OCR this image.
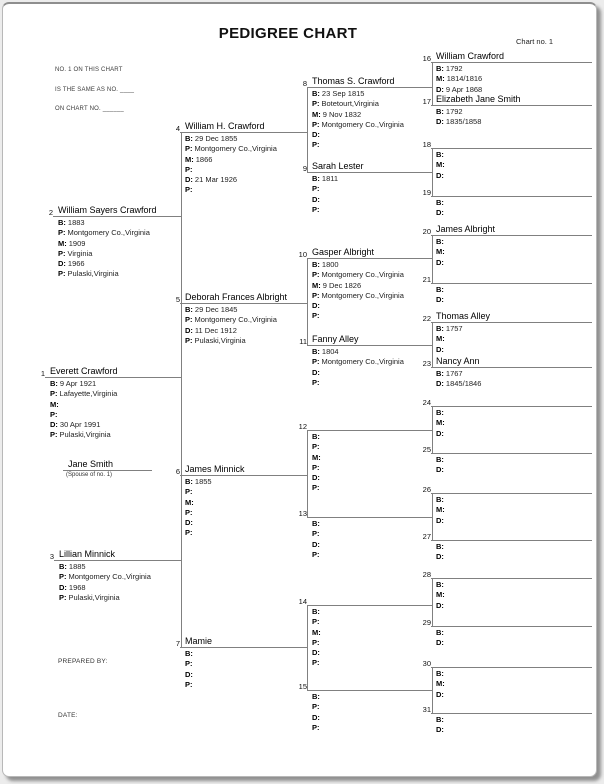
PEDIGREE CHART	Chart no. 1
NO. 1 ON THIS CHART
IS THE SAME AS NO. ____
ON CHART NO. ______
PREPARED BY:
DATE:
1 Everett Crawford
B: 9 Apr 1921
P: Lafayette,Virginia
M:
P:
D: 30 Apr 1991
P: Pulaski,Virginia
2 William Sayers Crawford
B: 1883
P: Montgomery Co.,Virginia
M: 1909
P: Virginia
D: 1966
P: Pulaski,Virginia
3 Lillian Minnick
B: 1885
P: Montgomery Co.,Virginia
D: 1968
P: Pulaski,Virginia
4 William H. Crawford
B: 29 Dec 1855
P: Montgomery Co.,Virginia
M: 1866
P:
D: 21 Mar 1926
P:
5 Deborah Frances Albright
B: 29 Dec 1845
P: Montgomery Co.,Virginia
D: 11 Dec 1912
P: Pulaski,Virginia
6 James Minnick
B: 1855
P:
M:
P:
D:
P:
7 Mamie
B:
P:
D:
P:
8 Thomas S. Crawford
B: 23 Sep 1815
P: Botetourt,Virginia
M: 9 Nov 1832
P: Montgomery Co.,Virginia
D:
P:
9 Sarah Lester
B: 1811
P:
D:
P:
10 Gasper Albright
B: 1800
P: Montgomery Co.,Virginia
M: 9 Dec 1826
P: Montgomery Co.,Virginia
D:
P:
11 Fanny Alley
B: 1804
P: Montgomery Co.,Virginia
D:
P:
12
B:
P:
M:
P:
D:
P:
13
B:
P:
D:
P:
14
B:
P:
M:
P:
D:
P:
15
B:
P:
D:
P:
16 William Crawford
B: 1792
M: 1814/1816
D: 9 Apr 1868
17 Elizabeth Jane Smith
B: 1792
D: 1835/1858
18
B:
M:
D:
19
B:
D:
20 James Albright
B:
M:
D:
21
B:
D:
22 Thomas Alley
B: 1757
M:
D:
23 Nancy Ann
B: 1767
D: 1845/1846
24
B:
M:
D:
25
B:
D:
26
B:
M:
D:
27
B:
D:
28
B:
M:
D:
29
B:
D:
30
B:
M:
D:
31
B:
D:
Jane Smith
(Spouse of no. 1)
